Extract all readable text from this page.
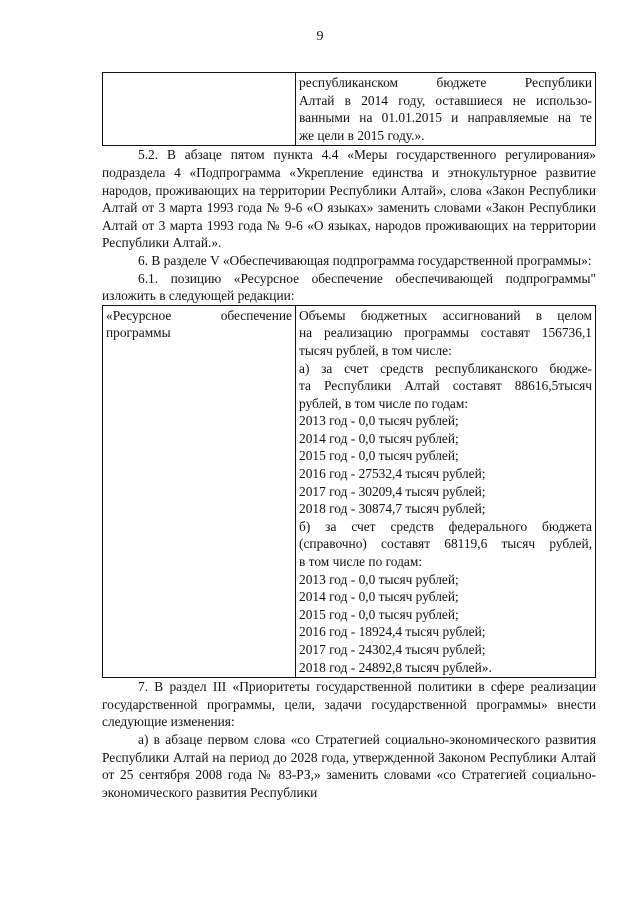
9
республиканском бюджете Республики
Алтай в 2014 году, оставшиеся не использо-
ванными на 01.01.2015 и направляемые на те
же цели в 2015 году.».

5.2. В абзаце пятом пункта 4.4 «Меры государственного регулирования» подраздела 4 «Подпрограмма «Укрепление единства и этнокультурное развитие народов, проживающих на территории Республики Алтай», слова «Закон Республики Алтай от 3 марта 1993 года № 9-6 «О языках» заменить словами «Закон Республики Алтай от 3 марта 1993 года № 9-6 «О языках, народов проживающих на территории Республики Алтай.».

6. В разделе V «Обеспечивающая подпрограмма государственной программы»:

6.1. позицию «Ресурсное обеспечение обеспечивающей подпрограммы" изложить в следующей редакции:

«Ресурсное	обеспечение
программы
Объемы бюджетных ассигнований в целом
на реализацию программы составят 156736,1
тысяч рублей, в том числе:
а) за счет средств республиканского бюдже-
та Республики Алтай составят 88616,5тысяч
рублей, в том числе по годам:
2013 год - 0,0 тысяч рублей;
2014 год - 0,0 тысяч рублей;
2015 год - 0,0 тысяч рублей;
2016 год - 27532,4 тысяч рублей;
2017 год - 30209,4 тысяч рублей;
2018 год - 30874,7 тысяч рублей;
б) за счет средств федерального бюджета
(справочно) составят 68119,6 тысяч рублей,
в том числе по годам:
2013 год - 0,0 тысяч рублей;
2014 год - 0,0 тысяч рублей;
2015 год - 0,0 тысяч рублей;
2016 год - 18924,4 тысяч рублей;
2017 год - 24302,4 тысяч рублей;
2018 год - 24892,8 тысяч рублей».

7. В раздел III «Приоритеты государственной политики в сфере реализации государственной программы, цели, задачи государственной программы» внести следующие изменения:

а) в абзаце первом слова «со Стратегией социально-экономического развития Республики Алтай на период до 2028 года, утвержденной Законом Республики Алтай от 25 сентября 2008 года № 83-РЗ,» заменить словами «со Стратегией социально-экономического развития Республики
